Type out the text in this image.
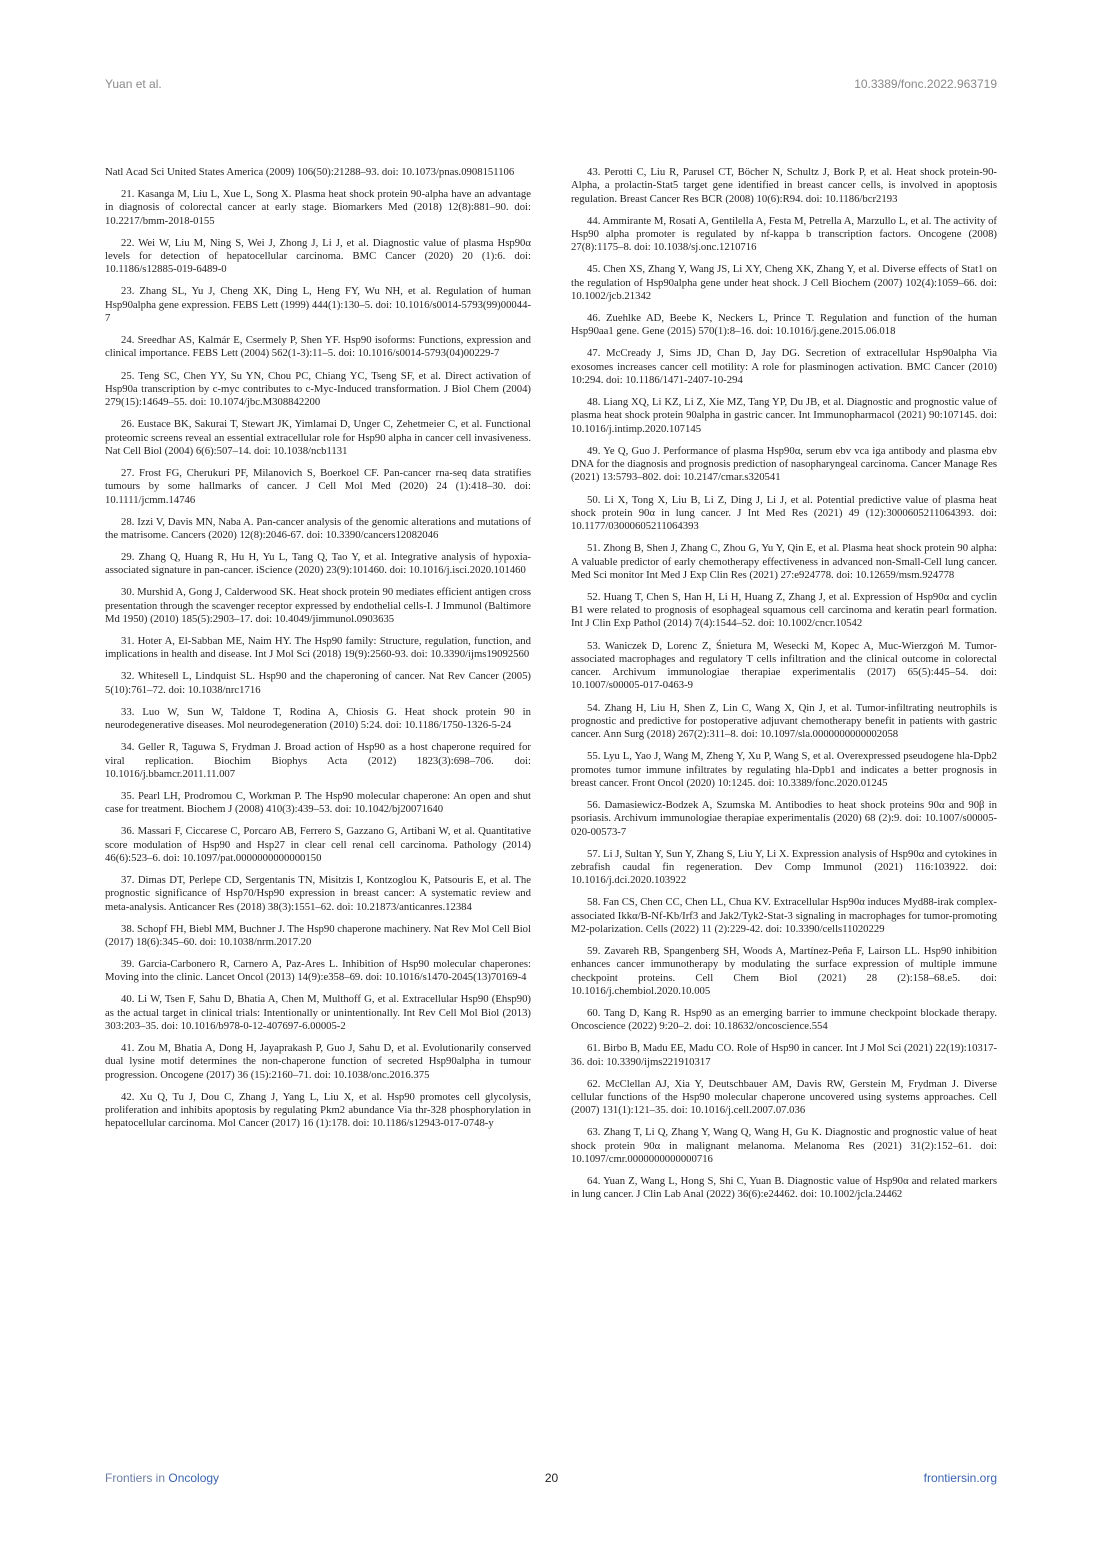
Yuan et al.	10.3389/fonc.2022.963719

Natl Acad Sci United States America (2009) 106(50):21288–93. doi: 10.1073/pnas.0908151106

21. Kasanga M, Liu L, Xue L, Song X. Plasma heat shock protein 90-alpha have an advantage in diagnosis of colorectal cancer at early stage. Biomarkers Med (2018) 12(8):881–90. doi: 10.2217/bmm-2018-0155

22. Wei W, Liu M, Ning S, Wei J, Zhong J, Li J, et al. Diagnostic value of plasma Hsp90α levels for detection of hepatocellular carcinoma. BMC Cancer (2020) 20 (1):6. doi: 10.1186/s12885-019-6489-0

23. Zhang SL, Yu J, Cheng XK, Ding L, Heng FY, Wu NH, et al. Regulation of human Hsp90alpha gene expression. FEBS Lett (1999) 444(1):130–5. doi: 10.1016/s0014-5793(99)00044-7

24. Sreedhar AS, Kalmár E, Csermely P, Shen YF. Hsp90 isoforms: Functions, expression and clinical importance. FEBS Lett (2004) 562(1-3):11–5. doi: 10.1016/s0014-5793(04)00229-7

25. Teng SC, Chen YY, Su YN, Chou PC, Chiang YC, Tseng SF, et al. Direct activation of Hsp90a transcription by c-myc contributes to c-Myc-Induced transformation. J Biol Chem (2004) 279(15):14649–55. doi: 10.1074/jbc.M308842200

26. Eustace BK, Sakurai T, Stewart JK, Yimlamai D, Unger C, Zehetmeier C, et al. Functional proteomic screens reveal an essential extracellular role for Hsp90 alpha in cancer cell invasiveness. Nat Cell Biol (2004) 6(6):507–14. doi: 10.1038/ncb1131

27. Frost FG, Cherukuri PF, Milanovich S, Boerkoel CF. Pan-cancer rna-seq data stratifies tumours by some hallmarks of cancer. J Cell Mol Med (2020) 24 (1):418–30. doi: 10.1111/jcmm.14746

28. Izzi V, Davis MN, Naba A. Pan-cancer analysis of the genomic alterations and mutations of the matrisome. Cancers (2020) 12(8):2046-67. doi: 10.3390/cancers12082046

29. Zhang Q, Huang R, Hu H, Yu L, Tang Q, Tao Y, et al. Integrative analysis of hypoxia-associated signature in pan-cancer. iScience (2020) 23(9):101460. doi: 10.1016/j.isci.2020.101460

30. Murshid A, Gong J, Calderwood SK. Heat shock protein 90 mediates efficient antigen cross presentation through the scavenger receptor expressed by endothelial cells-I. J Immunol (Baltimore Md 1950) (2010) 185(5):2903–17. doi: 10.4049/jimmunol.0903635

31. Hoter A, El-Sabban ME, Naim HY. The Hsp90 family: Structure, regulation, function, and implications in health and disease. Int J Mol Sci (2018) 19(9):2560-93. doi: 10.3390/ijms19092560

32. Whitesell L, Lindquist SL. Hsp90 and the chaperoning of cancer. Nat Rev Cancer (2005) 5(10):761–72. doi: 10.1038/nrc1716

33. Luo W, Sun W, Taldone T, Rodina A, Chiosis G. Heat shock protein 90 in neurodegenerative diseases. Mol neurodegeneration (2010) 5:24. doi: 10.1186/1750-1326-5-24

34. Geller R, Taguwa S, Frydman J. Broad action of Hsp90 as a host chaperone required for viral replication. Biochim Biophys Acta (2012) 1823(3):698–706. doi: 10.1016/j.bbamcr.2011.11.007

35. Pearl LH, Prodromou C, Workman P. The Hsp90 molecular chaperone: An open and shut case for treatment. Biochem J (2008) 410(3):439–53. doi: 10.1042/bj20071640

36. Massari F, Ciccarese C, Porcaro AB, Ferrero S, Gazzano G, Artibani W, et al. Quantitative score modulation of Hsp90 and Hsp27 in clear cell renal cell carcinoma. Pathology (2014) 46(6):523–6. doi: 10.1097/pat.0000000000000150

37. Dimas DT, Perlepe CD, Sergentanis TN, Misitzis I, Kontzoglou K, Patsouris E, et al. The prognostic significance of Hsp70/Hsp90 expression in breast cancer: A systematic review and meta-analysis. Anticancer Res (2018) 38(3):1551–62. doi: 10.21873/anticanres.12384

38. Schopf FH, Biebl MM, Buchner J. The Hsp90 chaperone machinery. Nat Rev Mol Cell Biol (2017) 18(6):345–60. doi: 10.1038/nrm.2017.20

39. Garcia-Carbonero R, Carnero A, Paz-Ares L. Inhibition of Hsp90 molecular chaperones: Moving into the clinic. Lancet Oncol (2013) 14(9):e358–69. doi: 10.1016/s1470-2045(13)70169-4

40. Li W, Tsen F, Sahu D, Bhatia A, Chen M, Multhoff G, et al. Extracellular Hsp90 (Ehsp90) as the actual target in clinical trials: Intentionally or unintentionally. Int Rev Cell Mol Biol (2013) 303:203–35. doi: 10.1016/b978-0-12-407697-6.00005-2

41. Zou M, Bhatia A, Dong H, Jayaprakash P, Guo J, Sahu D, et al. Evolutionarily conserved dual lysine motif determines the non-chaperone function of secreted Hsp90alpha in tumour progression. Oncogene (2017) 36 (15):2160–71. doi: 10.1038/onc.2016.375

42. Xu Q, Tu J, Dou C, Zhang J, Yang L, Liu X, et al. Hsp90 promotes cell glycolysis, proliferation and inhibits apoptosis by regulating Pkm2 abundance Via thr-328 phosphorylation in hepatocellular carcinoma. Mol Cancer (2017) 16 (1):178. doi: 10.1186/s12943-017-0748-y

43. Perotti C, Liu R, Parusel CT, Böcher N, Schultz J, Bork P, et al. Heat shock protein-90-Alpha, a prolactin-Stat5 target gene identified in breast cancer cells, is involved in apoptosis regulation. Breast Cancer Res BCR (2008) 10(6):R94. doi: 10.1186/bcr2193

44. Ammirante M, Rosati A, Gentilella A, Festa M, Petrella A, Marzullo L, et al. The activity of Hsp90 alpha promoter is regulated by nf-kappa b transcription factors. Oncogene (2008) 27(8):1175–8. doi: 10.1038/sj.onc.1210716

45. Chen XS, Zhang Y, Wang JS, Li XY, Cheng XK, Zhang Y, et al. Diverse effects of Stat1 on the regulation of Hsp90alpha gene under heat shock. J Cell Biochem (2007) 102(4):1059–66. doi: 10.1002/jcb.21342

46. Zuehlke AD, Beebe K, Neckers L, Prince T. Regulation and function of the human Hsp90aa1 gene. Gene (2015) 570(1):8–16. doi: 10.1016/j.gene.2015.06.018

47. McCready J, Sims JD, Chan D, Jay DG. Secretion of extracellular Hsp90alpha Via exosomes increases cancer cell motility: A role for plasminogen activation. BMC Cancer (2010) 10:294. doi: 10.1186/1471-2407-10-294

48. Liang XQ, Li KZ, Li Z, Xie MZ, Tang YP, Du JB, et al. Diagnostic and prognostic value of plasma heat shock protein 90alpha in gastric cancer. Int Immunopharmacol (2021) 90:107145. doi: 10.1016/j.intimp.2020.107145

49. Ye Q, Guo J. Performance of plasma Hsp90α, serum ebv vca iga antibody and plasma ebv DNA for the diagnosis and prognosis prediction of nasopharyngeal carcinoma. Cancer Manage Res (2021) 13:5793–802. doi: 10.2147/cmar.s320541

50. Li X, Tong X, Liu B, Li Z, Ding J, Li J, et al. Potential predictive value of plasma heat shock protein 90α in lung cancer. J Int Med Res (2021) 49 (12):3000605211064393. doi: 10.1177/03000605211064393

51. Zhong B, Shen J, Zhang C, Zhou G, Yu Y, Qin E, et al. Plasma heat shock protein 90 alpha: A valuable predictor of early chemotherapy effectiveness in advanced non-Small-Cell lung cancer. Med Sci monitor Int Med J Exp Clin Res (2021) 27:e924778. doi: 10.12659/msm.924778

52. Huang T, Chen S, Han H, Li H, Huang Z, Zhang J, et al. Expression of Hsp90α and cyclin B1 were related to prognosis of esophageal squamous cell carcinoma and keratin pearl formation. Int J Clin Exp Pathol (2014) 7(4):1544–52. doi: 10.1002/cncr.10542

53. Waniczek D, Lorenc Z, Śnietura M, Wesecki M, Kopec A, Muc-Wierzgoń M. Tumor-associated macrophages and regulatory T cells infiltration and the clinical outcome in colorectal cancer. Archivum immunologiae therapiae experimentalis (2017) 65(5):445–54. doi: 10.1007/s00005-017-0463-9

54. Zhang H, Liu H, Shen Z, Lin C, Wang X, Qin J, et al. Tumor-infiltrating neutrophils is prognostic and predictive for postoperative adjuvant chemotherapy benefit in patients with gastric cancer. Ann Surg (2018) 267(2):311–8. doi: 10.1097/sla.0000000000002058

55. Lyu L, Yao J, Wang M, Zheng Y, Xu P, Wang S, et al. Overexpressed pseudogene hla-Dpb2 promotes tumor immune infiltrates by regulating hla-Dpb1 and indicates a better prognosis in breast cancer. Front Oncol (2020) 10:1245. doi: 10.3389/fonc.2020.01245

56. Damasiewicz-Bodzek A, Szumska M. Antibodies to heat shock proteins 90α and 90β in psoriasis. Archivum immunologiae therapiae experimentalis (2020) 68 (2):9. doi: 10.1007/s00005-020-00573-7

57. Li J, Sultan Y, Sun Y, Zhang S, Liu Y, Li X. Expression analysis of Hsp90α and cytokines in zebrafish caudal fin regeneration. Dev Comp Immunol (2021) 116:103922. doi: 10.1016/j.dci.2020.103922

58. Fan CS, Chen CC, Chen LL, Chua KV. Extracellular Hsp90α induces Myd88-irak complex-associated Ikkα/B-Nf-Kb/Irf3 and Jak2/Tyk2-Stat-3 signaling in macrophages for tumor-promoting M2-polarization. Cells (2022) 11 (2):229-42. doi: 10.3390/cells11020229

59. Zavareh RB, Spangenberg SH, Woods A, Martínez-Peña F, Lairson LL. Hsp90 inhibition enhances cancer immunotherapy by modulating the surface expression of multiple immune checkpoint proteins. Cell Chem Biol (2021) 28 (2):158–68.e5. doi: 10.1016/j.chembiol.2020.10.005

60. Tang D, Kang R. Hsp90 as an emerging barrier to immune checkpoint blockade therapy. Oncoscience (2022) 9:20–2. doi: 10.18632/oncoscience.554

61. Birbo B, Madu EE, Madu CO. Role of Hsp90 in cancer. Int J Mol Sci (2021) 22(19):10317-36. doi: 10.3390/ijms221910317

62. McClellan AJ, Xia Y, Deutschbauer AM, Davis RW, Gerstein M, Frydman J. Diverse cellular functions of the Hsp90 molecular chaperone uncovered using systems approaches. Cell (2007) 131(1):121–35. doi: 10.1016/j.cell.2007.07.036

63. Zhang T, Li Q, Zhang Y, Wang Q, Wang H, Gu K. Diagnostic and prognostic value of heat shock protein 90α in malignant melanoma. Melanoma Res (2021) 31(2):152–61. doi: 10.1097/cmr.0000000000000716

64. Yuan Z, Wang L, Hong S, Shi C, Yuan B. Diagnostic value of Hsp90α and related markers in lung cancer. J Clin Lab Anal (2022) 36(6):e24462. doi: 10.1002/jcla.24462

Frontiers in Oncology	20	frontiersin.org
